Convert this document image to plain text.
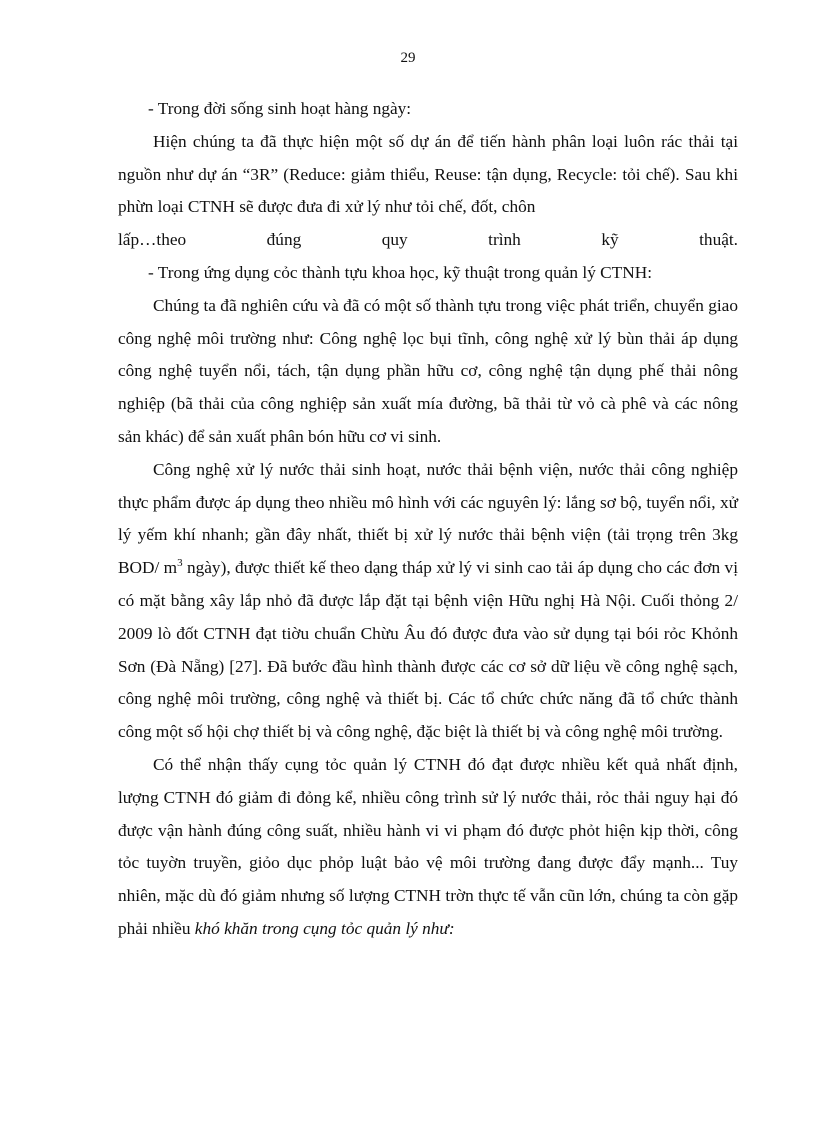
29

- Trong đời sống sinh hoạt hàng ngày:

Hiện chúng ta đã thực hiện một số dự án để tiến hành phân loại luôn rác thải tại nguồn như dự án “3R” (Reduce: giảm thiểu, Reuse: tận dụng, Recycle: tỏi chế). Sau khi phừn loại CTNH sẽ được đưa đi xử lý như tỏi chế, đốt, chôn

lấp…theo đúng quy trình kỹ thuật.

- Trong ứng dụng cỏc thành tựu khoa học, kỹ thuật trong quản lý CTNH:

Chúng ta đã nghiên cứu và đã có một số thành tựu trong việc phát triển, chuyển giao công nghệ môi trường như: Công nghệ lọc bụi tĩnh, công nghệ xử lý bùn thải áp dụng công nghệ tuyển nổi, tách, tận dụng phần hữu cơ, công nghệ tận dụng phế thải nông nghiệp (bã thải của công nghiệp sản xuất mía đường, bã thải từ vỏ cà phê và các nông sản khác) để sản xuất phân bón hữu cơ vi sinh.

Công nghệ xử lý nước thải sinh hoạt, nước thải bệnh viện, nước thải công nghiệp thực phẩm được áp dụng theo nhiều mô hình với các nguyên lý: lắng sơ bộ, tuyển nổi, xử lý yếm khí nhanh; gần đây nhất, thiết bị xử lý nước thải bệnh viện (tải trọng trên 3kg BOD/ $m^3$ ngày), được thiết kế theo dạng tháp xử lý vi sinh cao tải áp dụng cho các đơn vị có mặt bằng xây lắp nhỏ đã được lắp đặt tại bệnh viện Hữu nghị Hà Nội. Cuối thỏng 2/ 2009 lò đốt CTNH đạt tiờu chuẩn Chừu Âu đó được đưa vào sử dụng tại bói rỏc Khỏnh Sơn (Đà Nẵng) [27]. Đã bước đầu hình thành được các cơ sở dữ liệu về công nghệ sạch, công nghệ môi trường, công nghệ và thiết bị. Các tổ chức chức năng đã tổ chức thành công một số hội chợ thiết bị và công nghệ, đặc biệt là thiết bị và công nghệ môi trường.

Có thể nhận thấy cụng tỏc quản lý CTNH đó đạt được nhiều kết quả nhất định, lượng CTNH đó giảm đi đỏng kể, nhiều công trình sử lý nước thải, rỏc thải nguy hại đó được vận hành đúng công suất, nhiều hành vi vi phạm đó được phỏt hiện kịp thời, công tỏc tuyờn truyền, giỏo dục phỏp luật bảo vệ môi trường đang được đẩy mạnh... Tuy nhiên, mặc dù đó giảm nhưng số lượng CTNH trờn thực tế vẫn cũn lớn, chúng ta còn gặp phải nhiều khó khăn trong cụng tỏc quản lý như:
